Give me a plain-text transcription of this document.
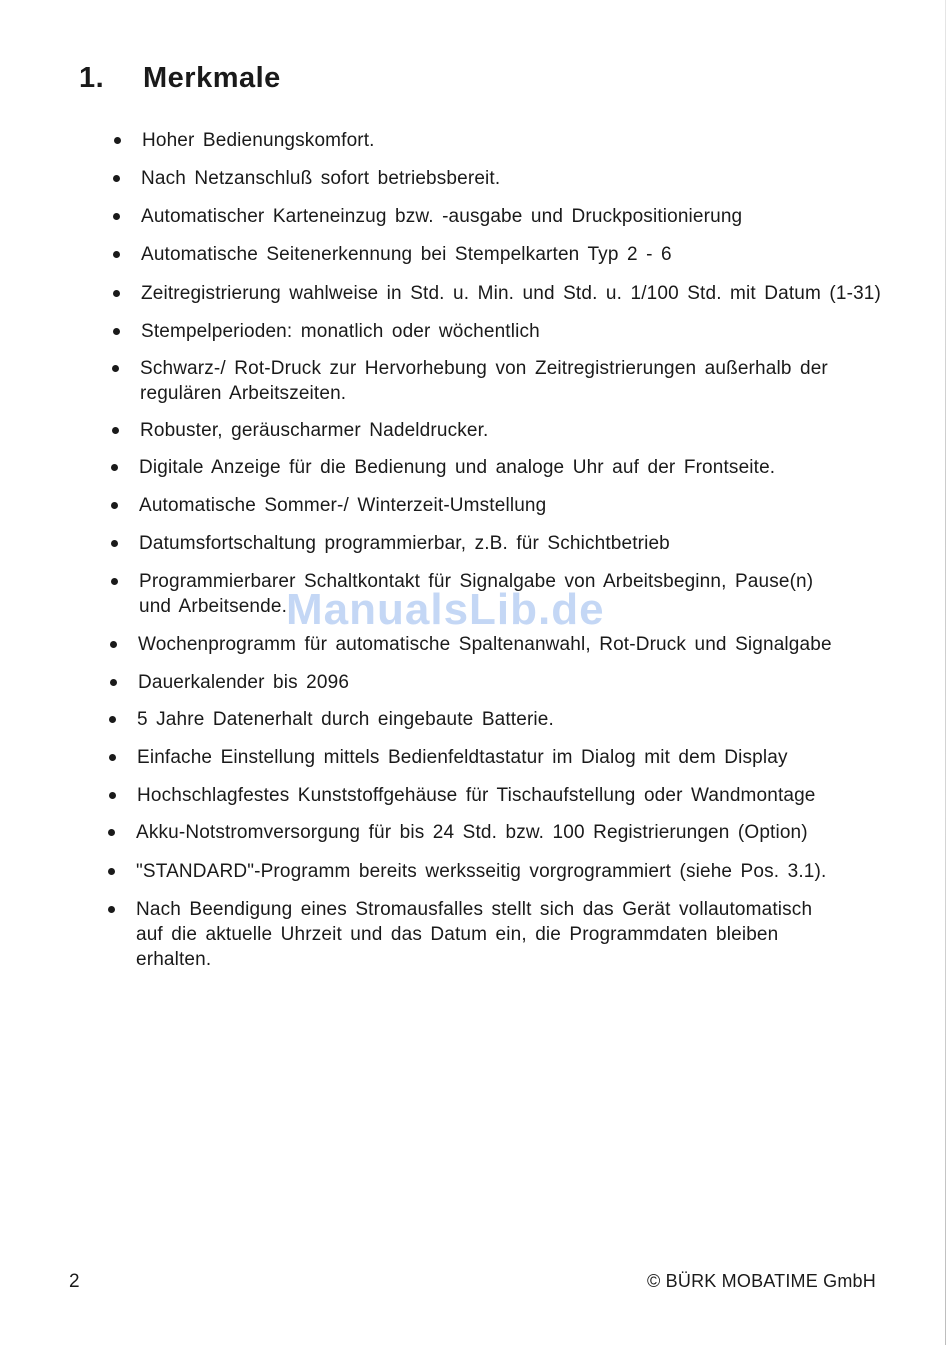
1. Merkmale
Hoher Bedienungskomfort.
Nach Netzanschluß sofort betriebsbereit.
Automatischer Karteneinzug bzw. -ausgabe und Druckpositionierung
Automatische Seitenerkennung bei Stempelkarten Typ 2 - 6
Zeitregistrierung wahlweise in Std. u. Min. und Std. u. 1/100 Std. mit Datum (1-31)
Stempelperioden: monatlich oder wöchentlich
Schwarz-/ Rot-Druck zur Hervorhebung von Zeitregistrierungen außerhalb der
regulären Arbeitszeiten.
Robuster, geräuscharmer Nadeldrucker.
Digitale Anzeige für die Bedienung und analoge Uhr auf der Frontseite.
Automatische Sommer-/ Winterzeit-Umstellung
Datumsfortschaltung programmierbar, z.B. für Schichtbetrieb
Programmierbarer Schaltkontakt für Signalgabe von Arbeitsbeginn, Pause(n)
und Arbeitsende.
Wochenprogramm für automatische Spaltenanwahl, Rot-Druck und Signalgabe
Dauerkalender bis 2096
5 Jahre Datenerhalt durch eingebaute Batterie.
Einfache Einstellung mittels Bedienfeldtastatur im Dialog mit dem Display
Hochschlagfestes Kunststoffgehäuse für Tischaufstellung oder Wandmontage
Akku-Notstromversorgung für bis 24 Std. bzw. 100 Registrierungen (Option)
"STANDARD"-Programm bereits werksseitig vorgrogrammiert (siehe Pos. 3.1).
Nach Beendigung eines Stromausfalles stellt sich das Gerät vollautomatisch
auf die aktuelle Uhrzeit und das Datum ein, die Programmdaten bleiben
erhalten.
ManualsLib.de
2	© BÜRK MOBATIME GmbH
